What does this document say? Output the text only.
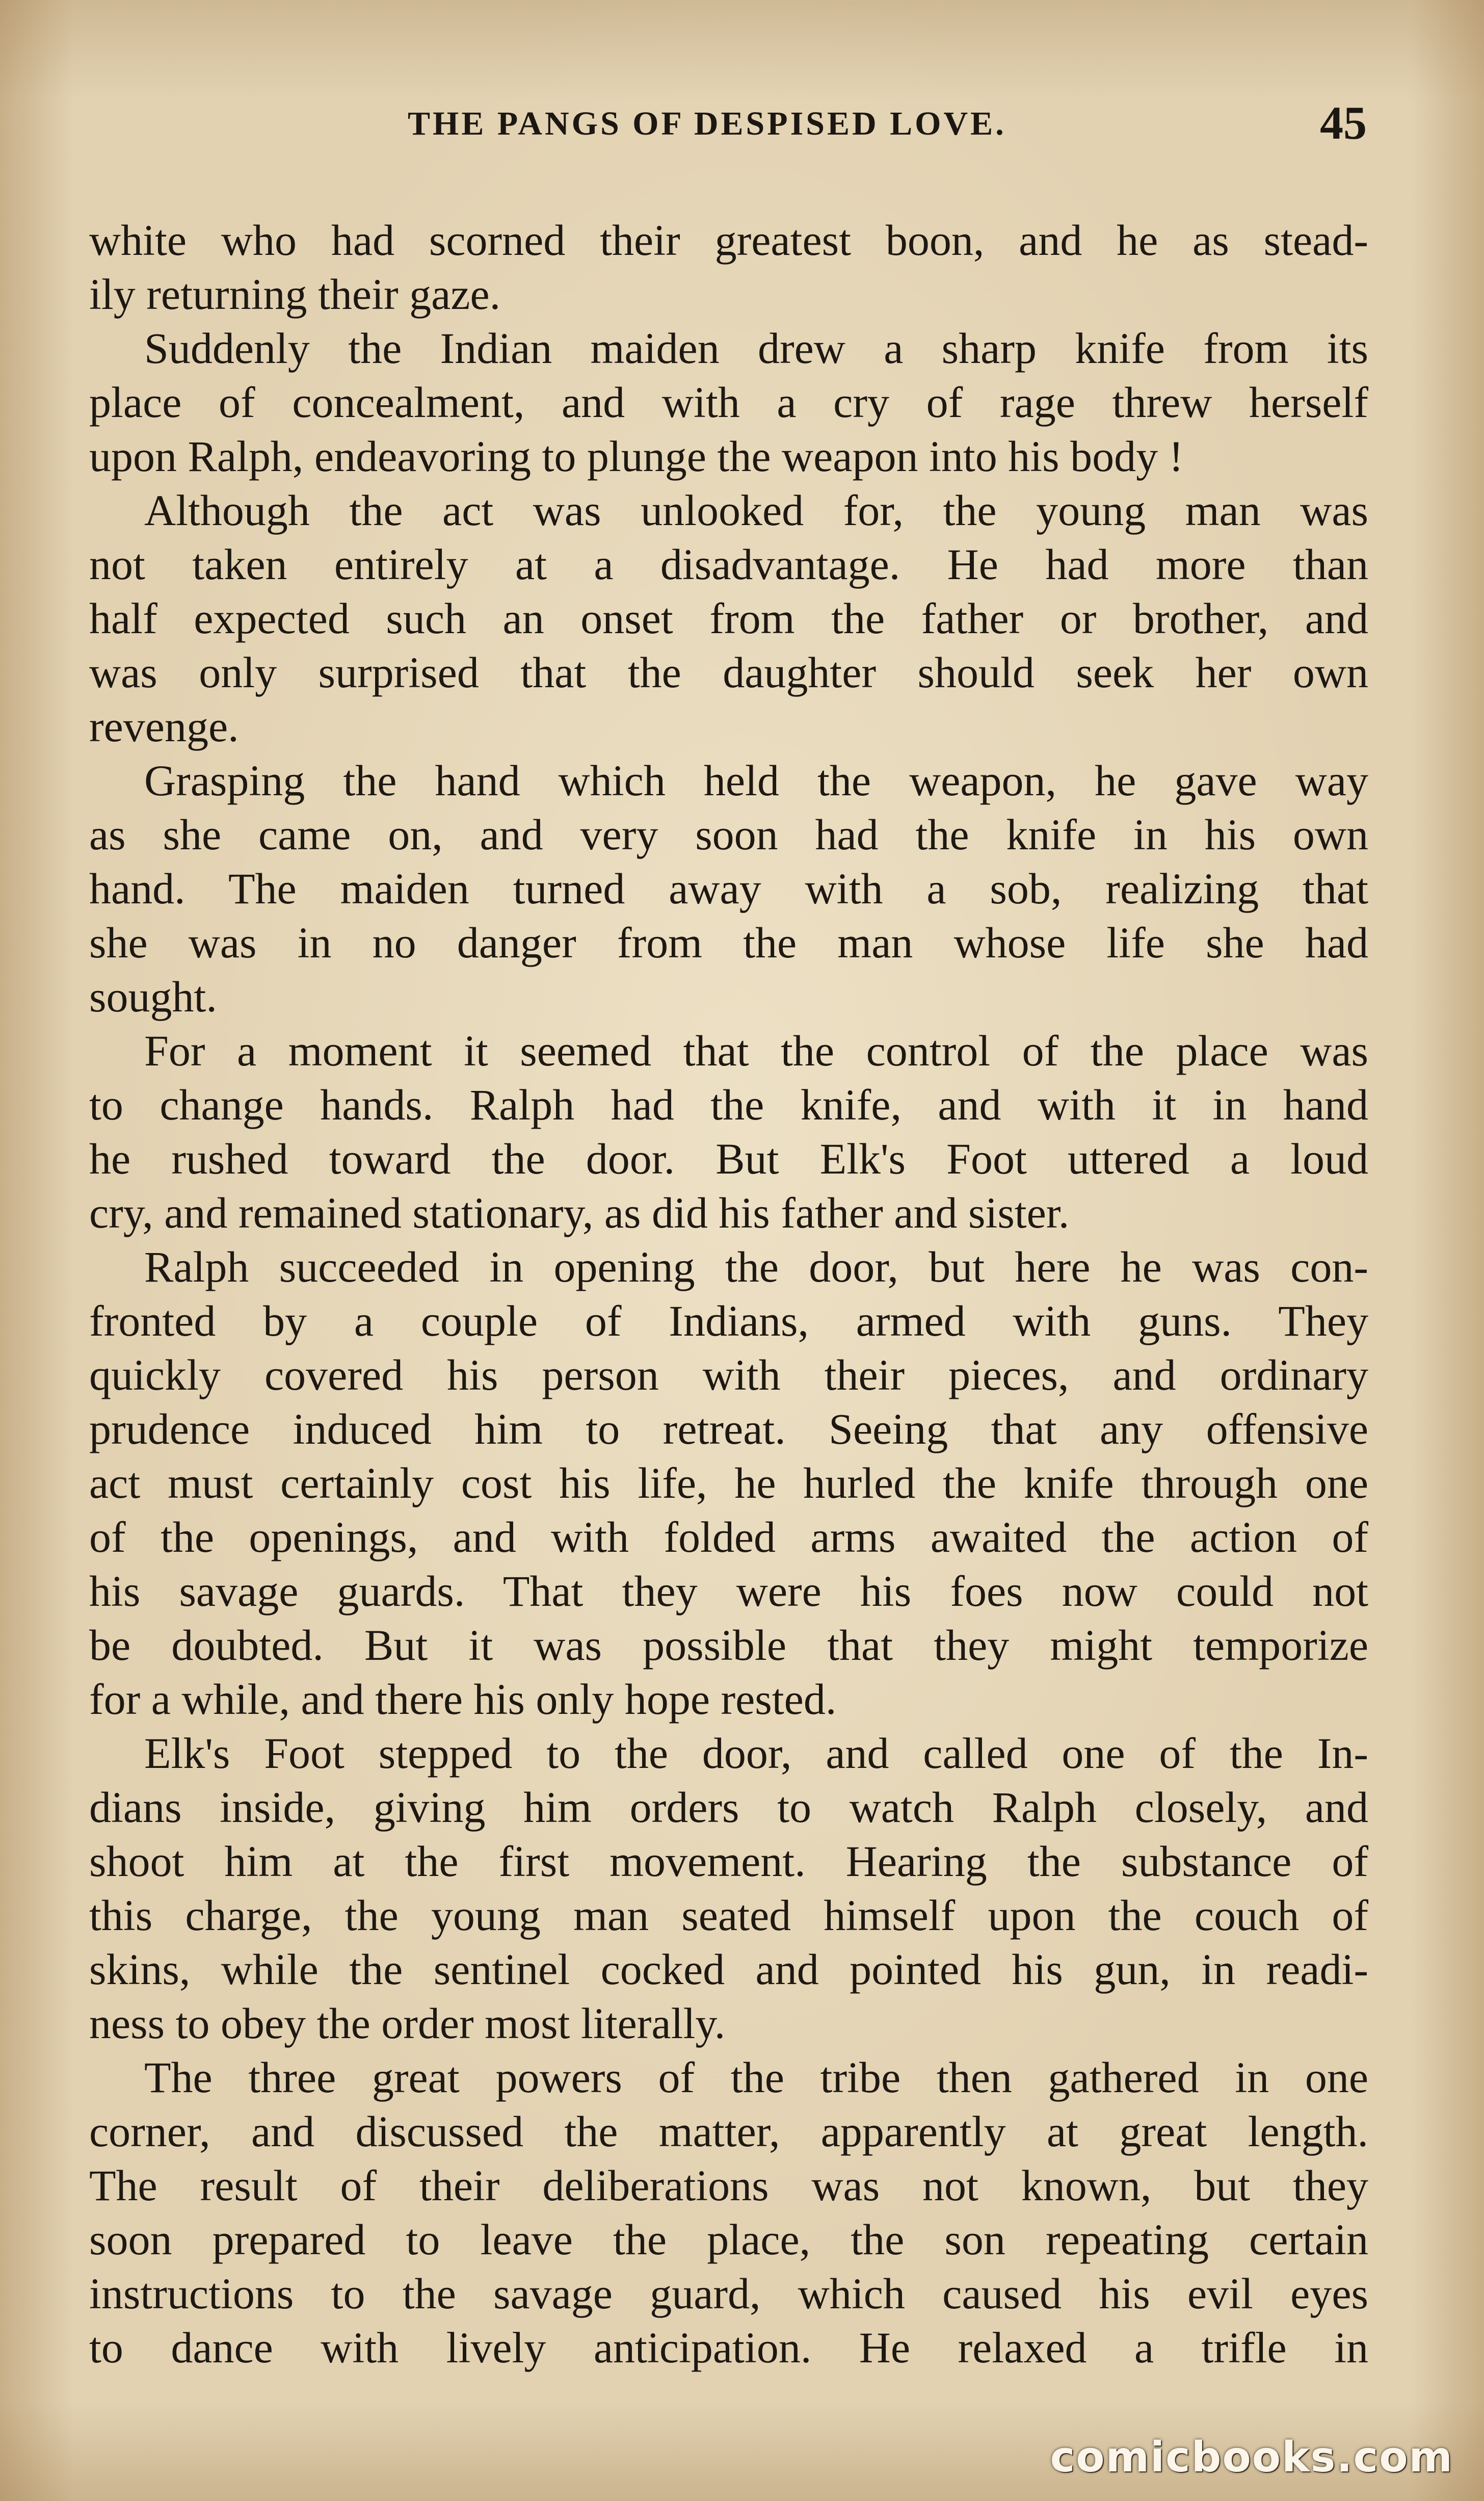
THE PANGS OF DESPISED LOVE.	45
white who had scorned their greatest boon, and he as stead-
ily returning their gaze.
Suddenly the Indian maiden drew a sharp knife from its
place of concealment, and with a cry of rage threw herself
upon Ralph, endeavoring to plunge the weapon into his body !
Although the act was unlooked for, the young man was
not taken entirely at a disadvantage. He had more than
half expected such an onset from the father or brother, and
was only surprised that the daughter should seek her own
revenge.
Grasping the hand which held the weapon, he gave way
as she came on, and very soon had the knife in his own
hand. The maiden turned away with a sob, realizing that
she was in no danger from the man whose life she had
sought.
For a moment it seemed that the control of the place was
to change hands. Ralph had the knife, and with it in hand
he rushed toward the door. But Elk's Foot uttered a loud
cry, and remained stationary, as did his father and sister.
Ralph succeeded in opening the door, but here he was con-
fronted by a couple of Indians, armed with guns. They
quickly covered his person with their pieces, and ordinary
prudence induced him to retreat. Seeing that any offensive
act must certainly cost his life, he hurled the knife through one
of the openings, and with folded arms awaited the action of
his savage guards. That they were his foes now could not
be doubted. But it was possible that they might temporize
for a while, and there his only hope rested.
Elk's Foot stepped to the door, and called one of the In-
dians inside, giving him orders to watch Ralph closely, and
shoot him at the first movement. Hearing the substance of
this charge, the young man seated himself upon the couch of
skins, while the sentinel cocked and pointed his gun, in readi-
ness to obey the order most literally.
The three great powers of the tribe then gathered in one
corner, and discussed the matter, apparently at great length.
The result of their deliberations was not known, but they
soon prepared to leave the place, the son repeating certain
instructions to the savage guard, which caused his evil eyes
to dance with lively anticipation. He relaxed a trifle in
comicbooks.com
